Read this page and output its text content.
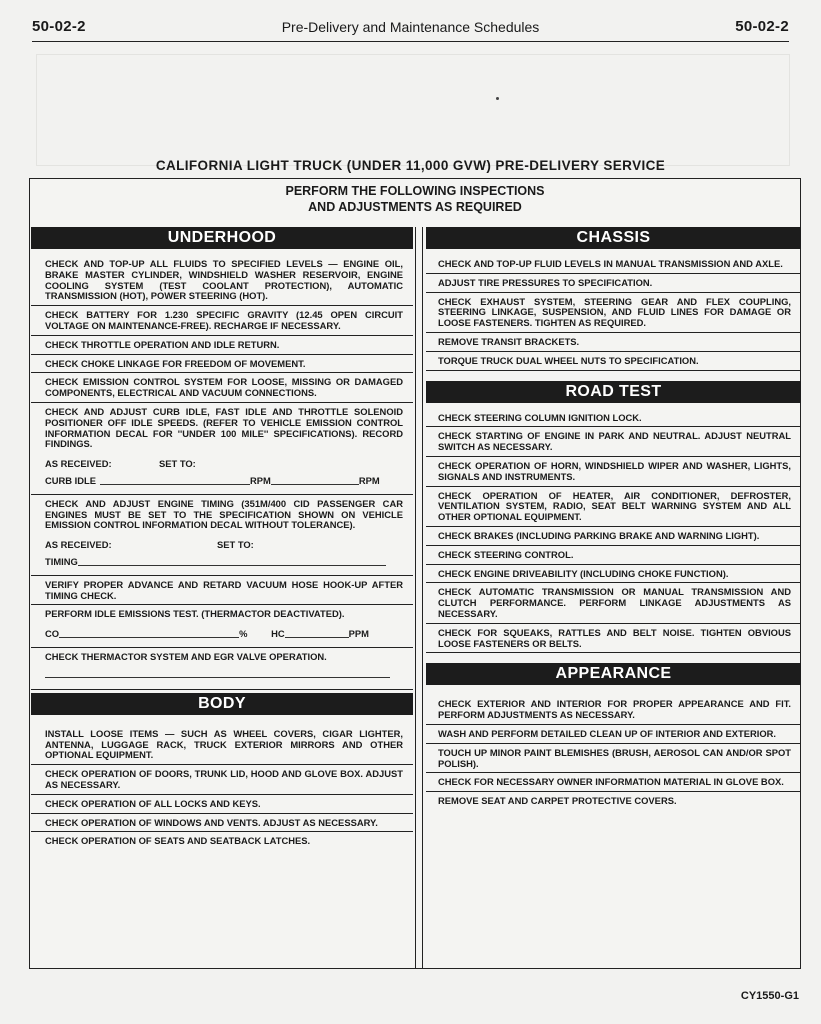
50-02-2	Pre-Delivery and Maintenance Schedules	50-02-2
CALIFORNIA LIGHT TRUCK (UNDER 11,000 GVW) PRE-DELIVERY SERVICE
PERFORM THE FOLLOWING INSPECTIONS
AND ADJUSTMENTS AS REQUIRED
UNDERHOOD
CHECK AND TOP-UP ALL FLUIDS TO SPECIFIED LEVELS — ENGINE OIL, BRAKE MASTER CYLINDER, WINDSHIELD WASHER RESERVOIR, ENGINE COOLING SYSTEM (TEST COOLANT PROTECTION), AUTOMATIC TRANSMISSION (HOT), POWER STEERING (HOT).
CHECK BATTERY FOR 1.230 SPECIFIC GRAVITY (12.45 OPEN CIRCUIT VOLTAGE ON MAINTENANCE-FREE). RECHARGE IF NECESSARY.
CHECK THROTTLE OPERATION AND IDLE RETURN.
CHECK CHOKE LINKAGE FOR FREEDOM OF MOVEMENT.
CHECK EMISSION CONTROL SYSTEM FOR LOOSE, MISSING OR DAMAGED COMPONENTS, ELECTRICAL AND VACUUM CONNECTIONS.
CHECK AND ADJUST CURB IDLE, FAST IDLE AND THROTTLE SOLENOID POSITIONER OFF IDLE SPEEDS. (REFER TO VEHICLE EMISSION CONTROL INFORMATION DECAL FOR ''UNDER 100 MILE'' SPECIFICATIONS). RECORD FINDINGS.
AS RECEIVED:	SET TO:
CURB IDLE	RPM	RPM
CHECK AND ADJUST ENGINE TIMING (351M/400 CID PASSENGER CAR ENGINES MUST BE SET TO THE SPECIFICATION SHOWN ON VEHICLE EMISSION CONTROL INFORMATION DECAL WITHOUT TOLERANCE).
AS RECEIVED:	SET TO:
TIMING
VERIFY PROPER ADVANCE AND RETARD VACUUM HOSE HOOK-UP AFTER TIMING CHECK.
PERFORM IDLE EMISSIONS TEST. (THERMACTOR DEACTIVATED).
CO	%	HC	PPM
CHECK THERMACTOR SYSTEM AND EGR VALVE OPERATION.
BODY
INSTALL LOOSE ITEMS — SUCH AS WHEEL COVERS, CIGAR LIGHTER, ANTENNA, LUGGAGE RACK, TRUCK EXTERIOR MIRRORS AND OTHER OPTIONAL EQUIPMENT.
CHECK OPERATION OF DOORS, TRUNK LID, HOOD AND GLOVE BOX. ADJUST AS NECESSARY.
CHECK OPERATION OF ALL LOCKS AND KEYS.
CHECK OPERATION OF WINDOWS AND VENTS. ADJUST AS NECESSARY.
CHECK OPERATION OF SEATS AND SEATBACK LATCHES.
CHASSIS
CHECK AND TOP-UP FLUID LEVELS IN MANUAL TRANSMISSION AND AXLE.
ADJUST TIRE PRESSURES TO SPECIFICATION.
CHECK EXHAUST SYSTEM, STEERING GEAR AND FLEX COUPLING, STEERING LINKAGE, SUSPENSION, AND FLUID LINES FOR DAMAGE OR LOOSE FASTENERS. TIGHTEN AS REQUIRED.
REMOVE TRANSIT BRACKETS.
TORQUE TRUCK DUAL WHEEL NUTS TO SPECIFICATION.
ROAD TEST
CHECK STEERING COLUMN IGNITION LOCK.
CHECK STARTING OF ENGINE IN PARK AND NEUTRAL. ADJUST NEUTRAL SWITCH AS NECESSARY.
CHECK OPERATION OF HORN, WINDSHIELD WIPER AND WASHER, LIGHTS, SIGNALS AND INSTRUMENTS.
CHECK OPERATION OF HEATER, AIR CONDITIONER, DEFROSTER, VENTILATION SYSTEM, RADIO, SEAT BELT WARNING SYSTEM AND ALL OTHER OPTIONAL EQUIPMENT.
CHECK BRAKES (INCLUDING PARKING BRAKE AND WARNING LIGHT).
CHECK STEERING CONTROL.
CHECK ENGINE DRIVEABILITY (INCLUDING CHOKE FUNCTION).
CHECK AUTOMATIC TRANSMISSION OR MANUAL TRANSMISSION AND CLUTCH PERFORMANCE. PERFORM LINKAGE ADJUSTMENTS AS NECESSARY.
CHECK FOR SQUEAKS, RATTLES AND BELT NOISE. TIGHTEN OBVIOUS LOOSE FASTENERS OR BELTS.
APPEARANCE
CHECK EXTERIOR AND INTERIOR FOR PROPER APPEARANCE AND FIT. PERFORM ADJUSTMENTS AS NECESSARY.
WASH AND PERFORM DETAILED CLEAN UP OF INTERIOR AND EXTERIOR.
TOUCH UP MINOR PAINT BLEMISHES (BRUSH, AEROSOL CAN AND/OR SPOT POLISH).
CHECK FOR NECESSARY OWNER INFORMATION MATERIAL IN GLOVE BOX.
REMOVE SEAT AND CARPET PROTECTIVE COVERS.
CY1550-G1
